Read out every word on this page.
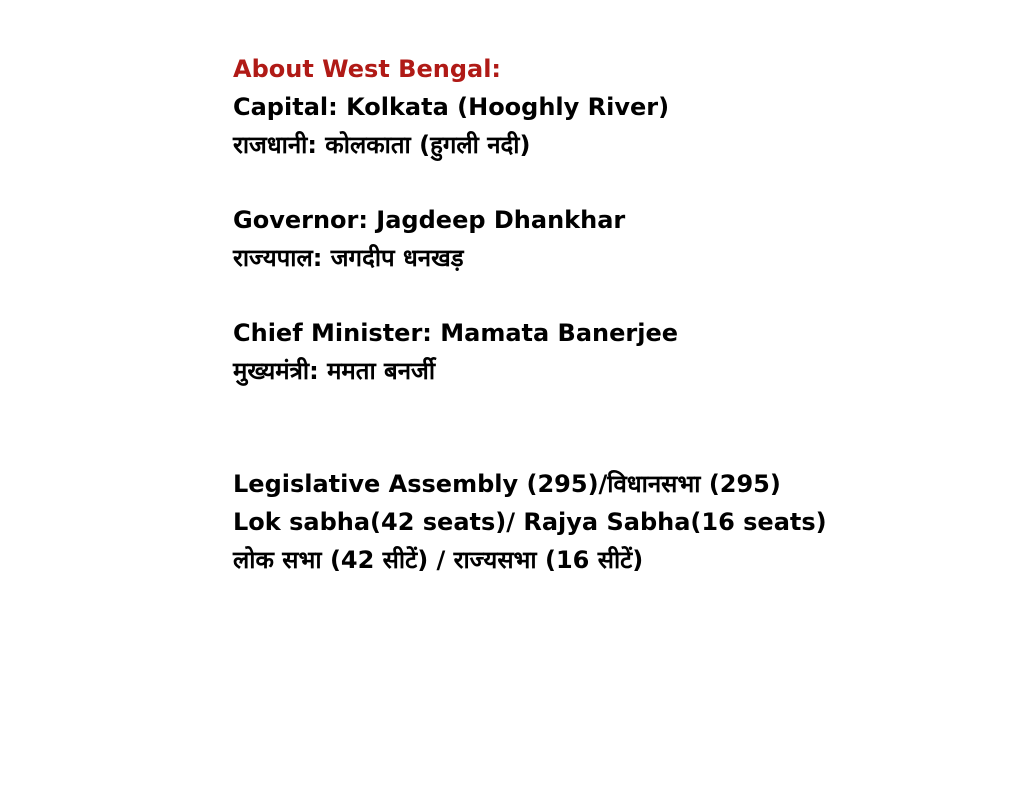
About West Bengal:
Capital: Kolkata (Hooghly River)
राजधानी: कोलकाता (हुगली नदी)
Governor: Jagdeep Dhankhar
राज्यपाल: जगदीप धनखड़
Chief Minister: Mamata Banerjee
मुख्यमंत्री: ममता बनर्जी
Legislative Assembly (295)/विधानसभा (295)
Lok sabha(42 seats)/ Rajya Sabha(16 seats)
लोक सभा (42 सीटें) / राज्यसभा (16 सीटें)
